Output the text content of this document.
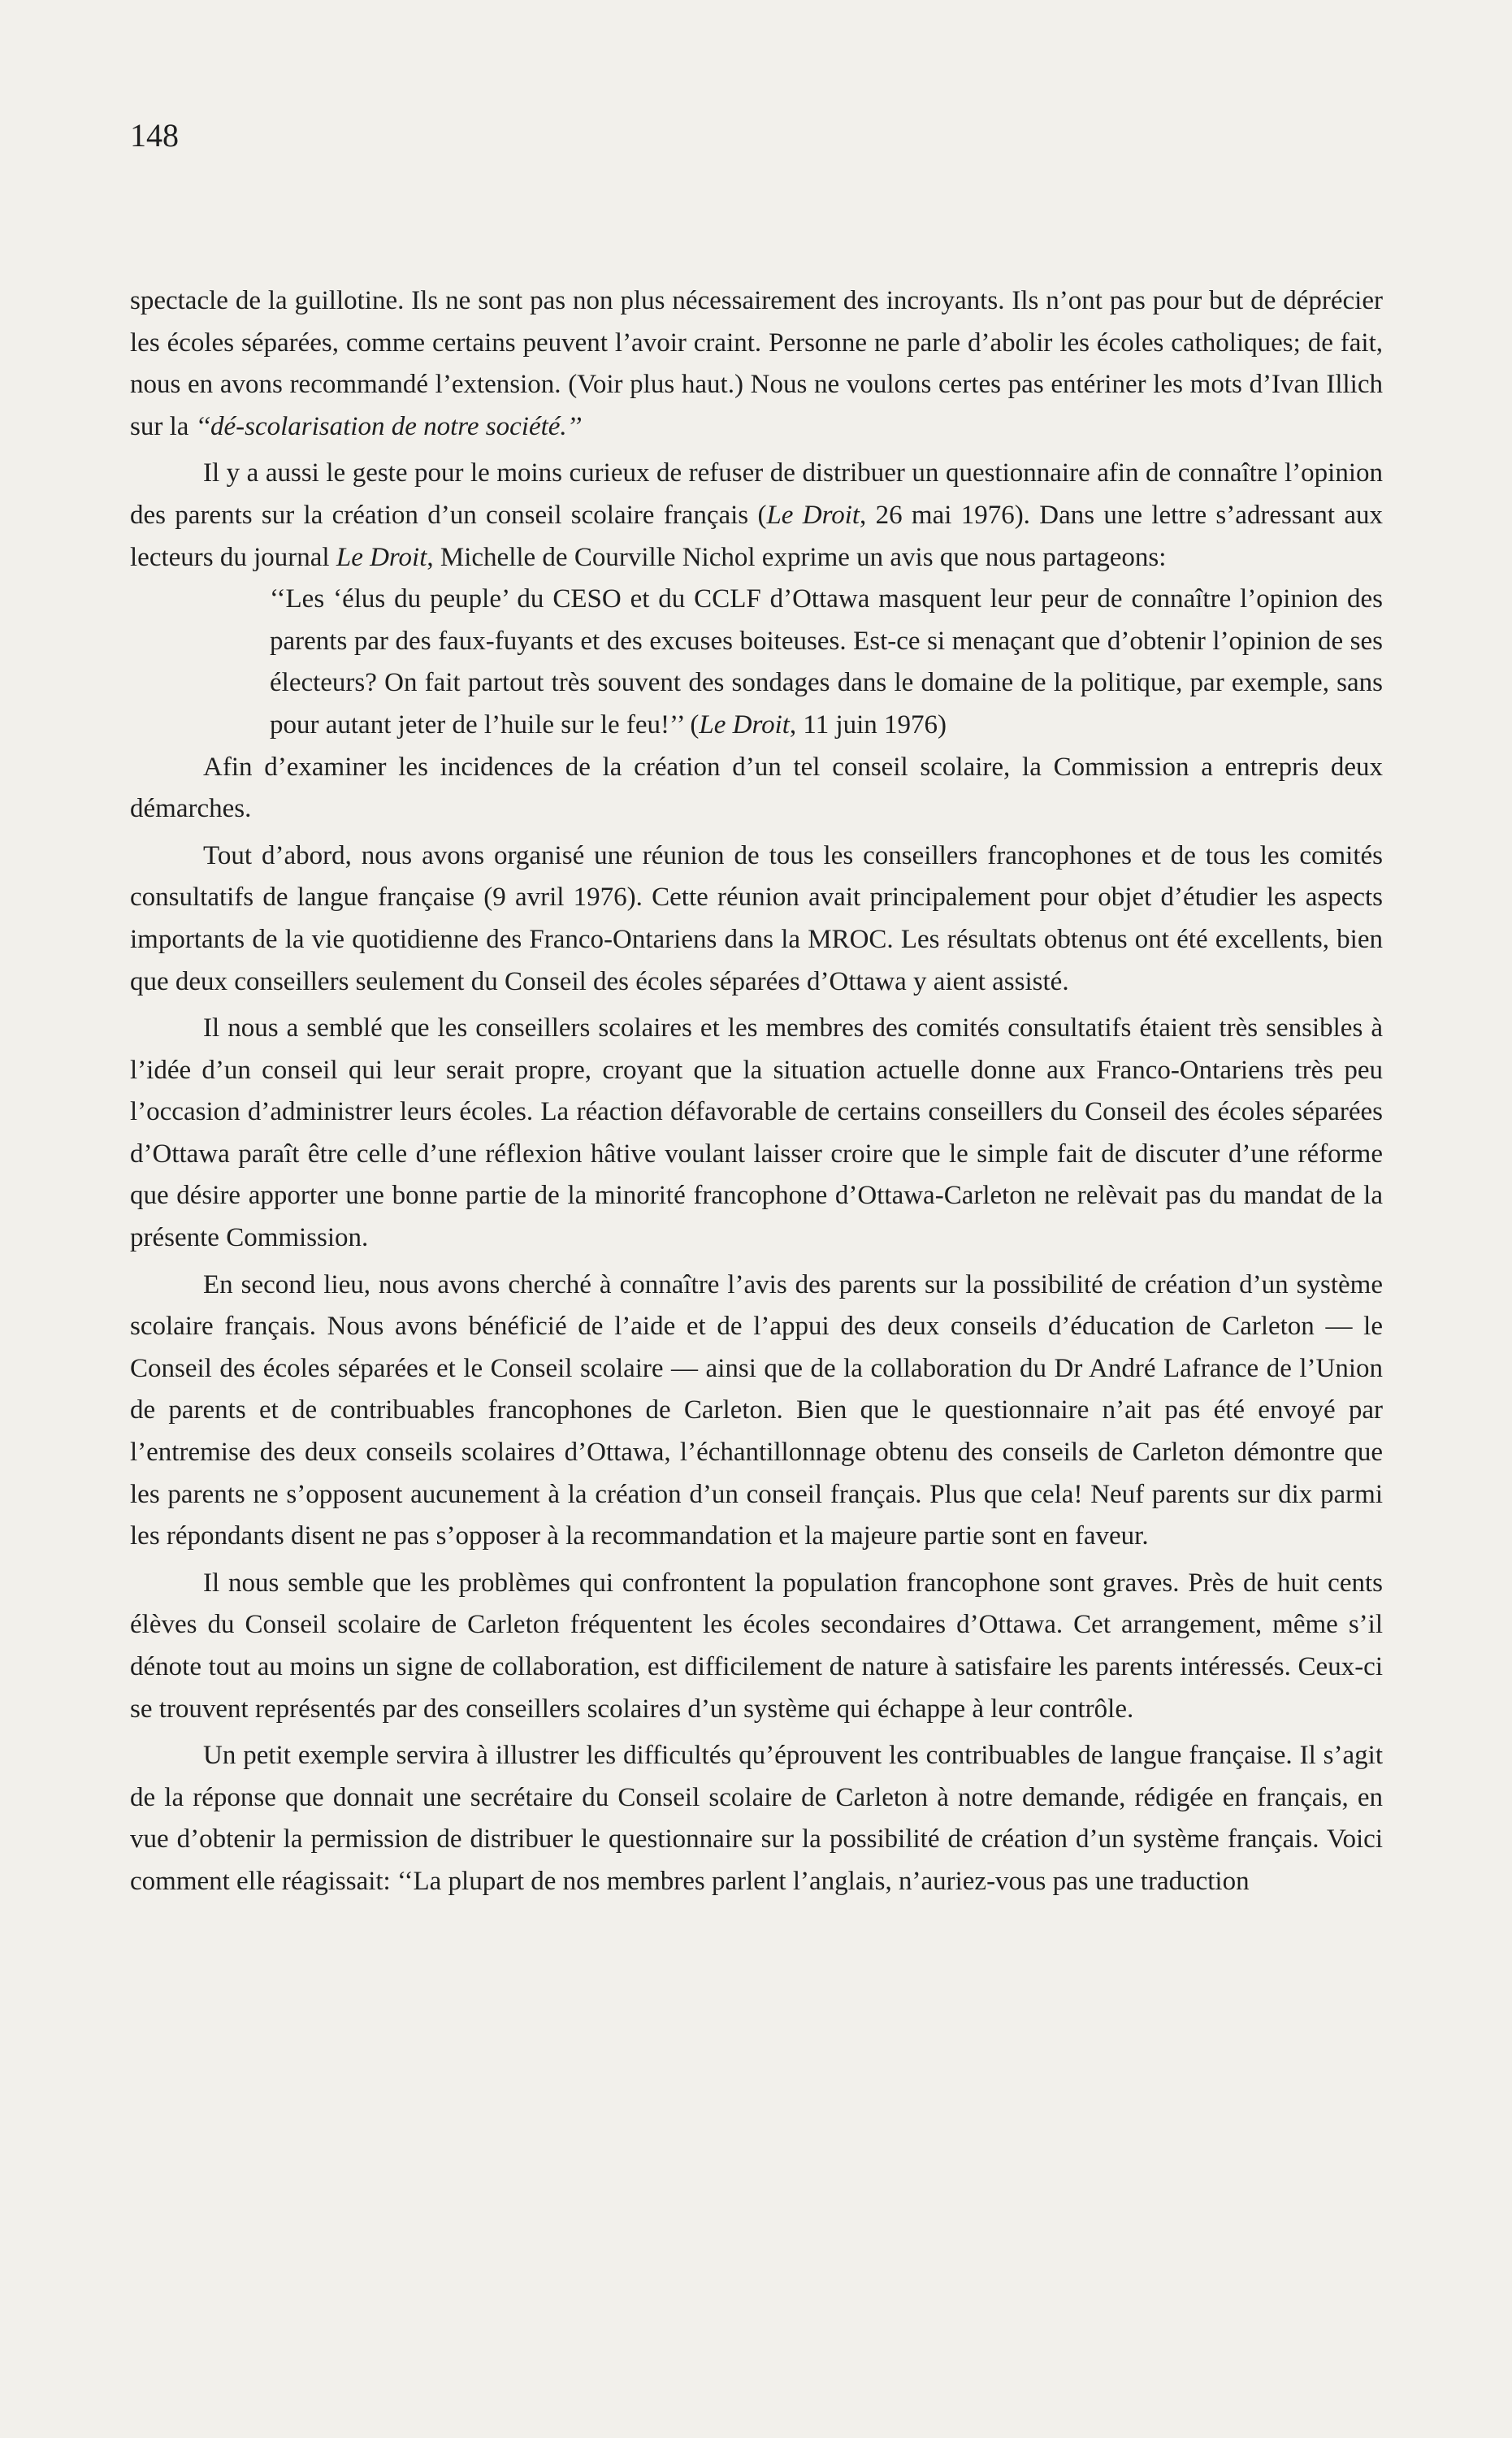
148

spectacle de la guillotine. Ils ne sont pas non plus nécessairement des incroyants. Ils n’ont pas pour but de déprécier les écoles séparées, comme certains peuvent l’avoir craint. Personne ne parle d’abolir les écoles catholiques; de fait, nous en avons recommandé l’extension. (Voir plus haut.) Nous ne voulons certes pas entériner les mots d’Ivan Illich sur la ‘‘dé-scolarisation de notre société.’’

Il y a aussi le geste pour le moins curieux de refuser de distribuer un questionnaire afin de connaître l’opinion des parents sur la création d’un conseil scolaire français (Le Droit, 26 mai 1976). Dans une lettre s’adressant aux lecteurs du journal Le Droit, Michelle de Courville Nichol exprime un avis que nous partageons:

‘‘Les ‘élus du peuple’ du CESO et du CCLF d’Ottawa masquent leur peur de connaître l’opinion des parents par des faux-fuyants et des excuses boiteuses. Est-ce si menaçant que d’obtenir l’opinion de ses électeurs? On fait partout très souvent des sondages dans le domaine de la politique, par exemple, sans pour autant jeter de l’huile sur le feu!’’ (Le Droit, 11 juin 1976)

Afin d’examiner les incidences de la création d’un tel conseil scolaire, la Commission a entrepris deux démarches.

Tout d’abord, nous avons organisé une réunion de tous les conseillers francophones et de tous les comités consultatifs de langue française (9 avril 1976). Cette réunion avait principalement pour objet d’étudier les aspects importants de la vie quotidienne des Franco-Ontariens dans la MROC. Les résultats obtenus ont été excellents, bien que deux conseillers seulement du Conseil des écoles séparées d’Ottawa y aient assisté.

Il nous a semblé que les conseillers scolaires et les membres des comités consultatifs étaient très sensibles à l’idée d’un conseil qui leur serait propre, croyant que la situation actuelle donne aux Franco-Ontariens très peu l’occasion d’administrer leurs écoles. La réaction défavorable de certains conseillers du Conseil des écoles séparées d’Ottawa paraît être celle d’une réflexion hâtive voulant laisser croire que le simple fait de discuter d’une réforme que désire apporter une bonne partie de la minorité francophone d’Ottawa-Carleton ne relèvait pas du mandat de la présente Commission.

En second lieu, nous avons cherché à connaître l’avis des parents sur la possibilité de création d’un système scolaire français. Nous avons bénéficié de l’aide et de l’appui des deux conseils d’éducation de Carleton — le Conseil des écoles séparées et le Conseil scolaire — ainsi que de la collaboration du Dr André Lafrance de l’Union de parents et de contribuables francophones de Carleton. Bien que le questionnaire n’ait pas été envoyé par l’entremise des deux conseils scolaires d’Ottawa, l’échantillonnage obtenu des conseils de Carleton démontre que les parents ne s’opposent aucunement à la création d’un conseil français. Plus que cela! Neuf parents sur dix parmi les répondants disent ne pas s’opposer à la recommandation et la majeure partie sont en faveur.

Il nous semble que les problèmes qui confrontent la population francophone sont graves. Près de huit cents élèves du Conseil scolaire de Carleton fréquentent les écoles secondaires d’Ottawa. Cet arrangement, même s’il dénote tout au moins un signe de collaboration, est difficilement de nature à satisfaire les parents intéressés. Ceux-ci se trouvent représentés par des conseillers scolaires d’un système qui échappe à leur contrôle.

Un petit exemple servira à illustrer les difficultés qu’éprouvent les contribuables de langue française. Il s’agit de la réponse que donnait une secrétaire du Conseil scolaire de Carleton à notre demande, rédigée en français, en vue d’obtenir la permission de distribuer le questionnaire sur la possibilité de création d’un système français. Voici comment elle réagissait: ‘‘La plupart de nos membres parlent l’anglais, n’auriez-vous pas une traduction
